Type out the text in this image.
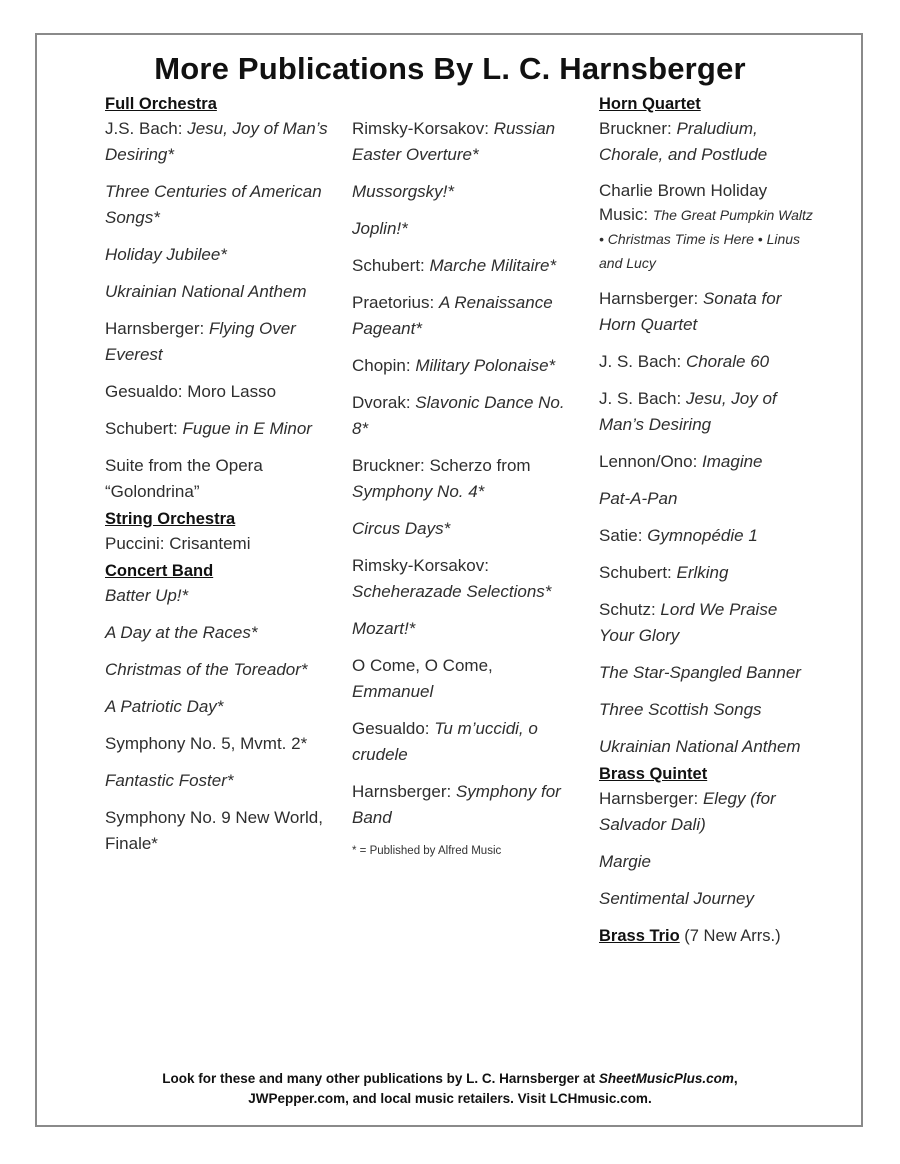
More Publications By L. C. Harnsberger

Full Orchestra

J.S. Bach: Jesu, Joy of Man’s Desiring*

Three Centuries of American Songs*

Holiday Jubilee*

Ukrainian National Anthem

Harnsberger: Flying Over Everest

Gesualdo: Moro Lasso

Schubert: Fugue in E Minor

Suite from the Opera “Golondrina”

String Orchestra

Puccini: Crisantemi

Concert Band

Batter Up!*

A Day at the Races*

Christmas of the Toreador*

A Patriotic Day*

Symphony No. 5, Mvmt. 2*

Fantastic Foster*

Symphony No. 9 New World, Finale*

Rimsky-Korsakov: Russian Easter Overture*

Mussorgsky!*

Joplin!*

Schubert: Marche Militaire*

Praetorius: A Renaissance Pageant*

Chopin: Military Polonaise*

Dvorak: Slavonic Dance No. 8*

Bruckner: Scherzo from Symphony No. 4*

Circus Days*

Rimsky-Korsakov: Scheherazade Selections*

Mozart!*

O Come, O Come, Emmanuel

Gesualdo: Tu m’uccidi, o crudele

Harnsberger: Symphony for Band

* = Published by Alfred Music

Horn Quartet

Bruckner: Praludium, Chorale, and Postlude

Charlie Brown Holiday Music: The Great Pumpkin Waltz • Christmas Time is Here • Linus and Lucy

Harnsberger: Sonata for Horn Quartet

J. S. Bach: Chorale 60

J. S. Bach: Jesu, Joy of Man’s Desiring

Lennon/Ono: Imagine

Pat-A-Pan

Satie: Gymnopédie 1

Schubert: Erlking

Schutz: Lord We Praise Your Glory

The Star-Spangled Banner

Three Scottish Songs

Ukrainian National Anthem

Brass Quintet

Harnsberger: Elegy (for Salvador Dali)

Margie

Sentimental Journey

Brass Trio (7 New Arrs.)

Look for these and many other publications by L. C. Harnsberger at SheetMusicPlus.com,
JWPepper.com, and local music retailers. Visit LCHmusic.com.
